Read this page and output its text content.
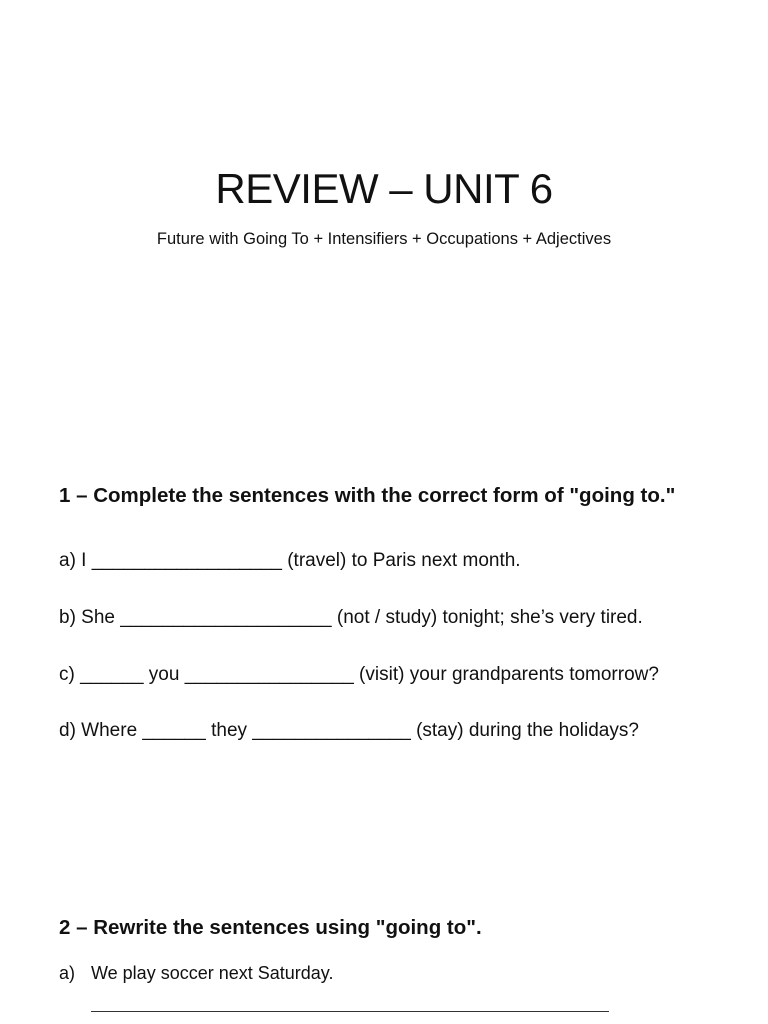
REVIEW – UNIT 6
Future with Going To + Intensifiers + Occupations + Adjectives
1 – Complete the sentences with the correct form of "going to."
a) I __________________ (travel) to Paris next month.
b) She ____________________ (not / study) tonight; she’s very tired.
c) ______ you ________________ (visit) your grandparents tomorrow?
d) Where ______ they _______________ (stay) during the holidays?
2 – Rewrite the sentences using "going to".
a) We play soccer next Saturday.
